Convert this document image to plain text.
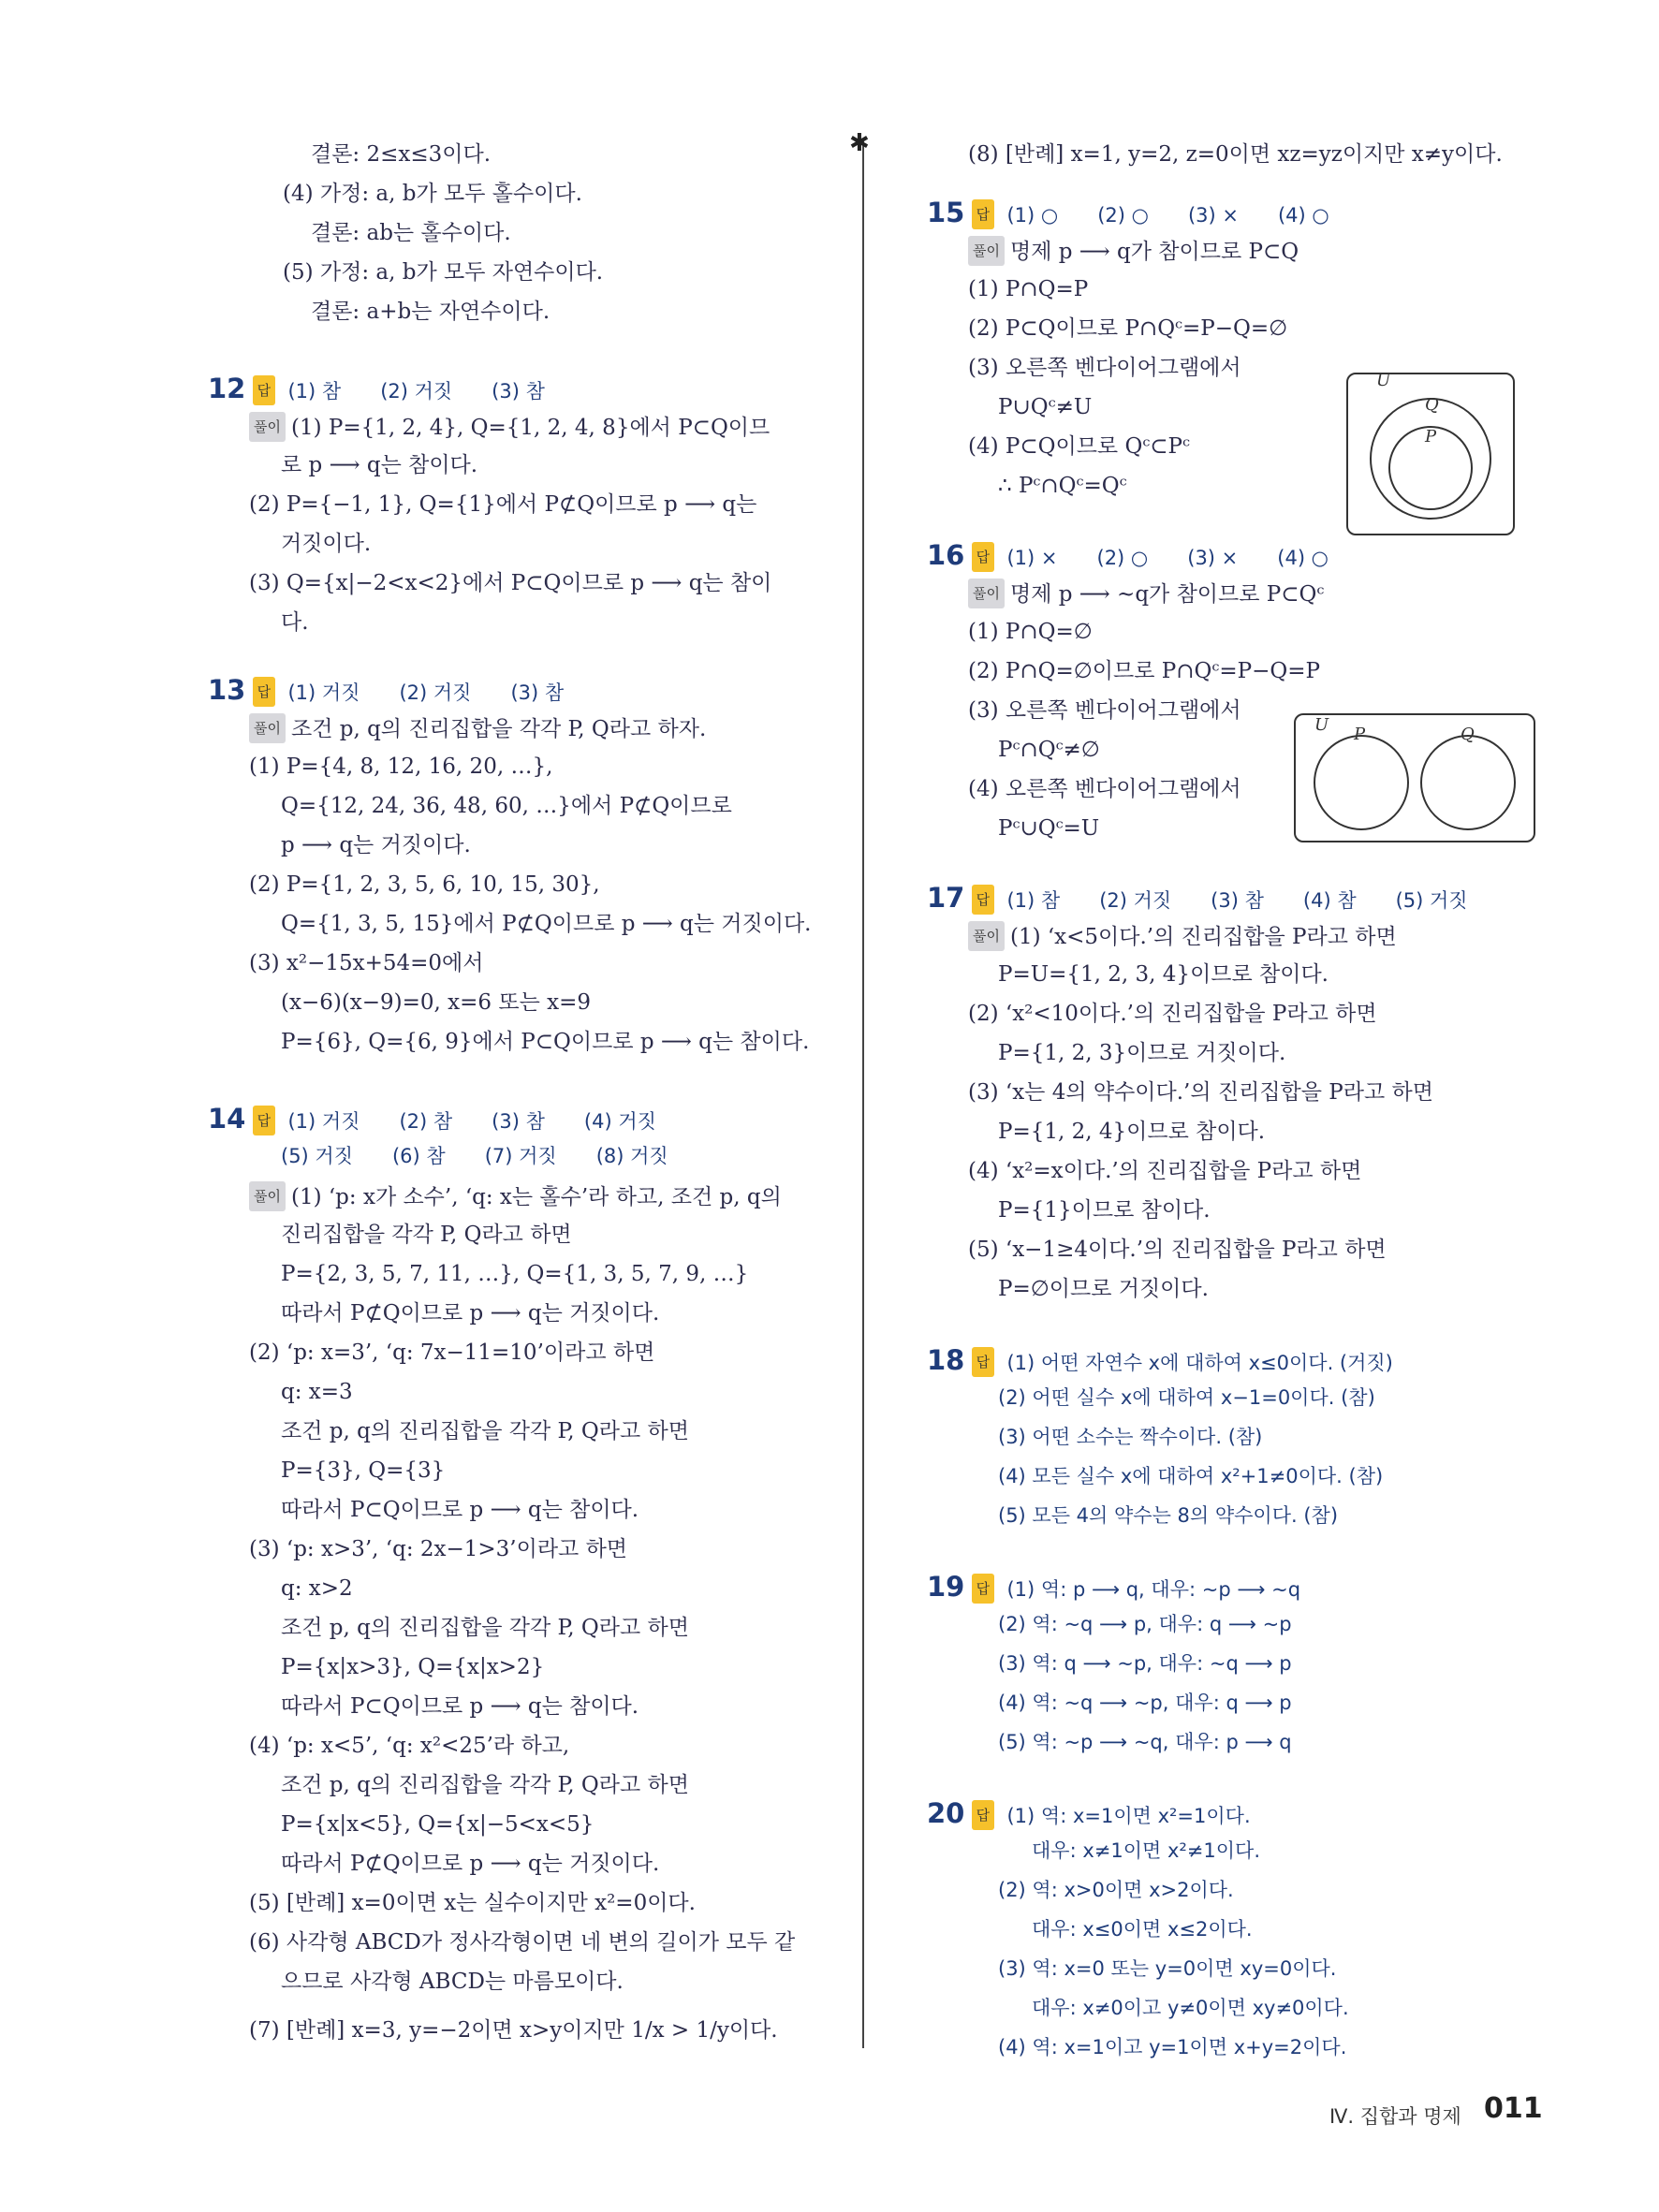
✱
결론: 2≤x≤3이다.
(4) 가정: a, b가 모두 홀수이다.
결론: ab는 홀수이다.
(5) 가정: a, b가 모두 자연수이다.
결론: a+b는 자연수이다.
12 답 (1) 참　　(2) 거짓　　(3) 참
풀이 (1) P={1, 2, 4}, Q={1, 2, 4, 8}에서 P⊂Q이므
로 p ⟶ q는 참이다.
(2) P={−1, 1}, Q={1}에서 P⊄Q이므로 p ⟶ q는
거짓이다.
(3) Q={x|−2<x<2}에서 P⊂Q이므로 p ⟶ q는 참이
다.
13 답 (1) 거짓　　(2) 거짓　　(3) 참
풀이 조건 p, q의 진리집합을 각각 P, Q라고 하자.
(1) P={4, 8, 12, 16, 20, …},
Q={12, 24, 36, 48, 60, …}에서 P⊄Q이므로
p ⟶ q는 거짓이다.
(2) P={1, 2, 3, 5, 6, 10, 15, 30},
Q={1, 3, 5, 15}에서 P⊄Q이므로 p ⟶ q는 거짓이다.
(3) x²−15x+54=0에서
(x−6)(x−9)=0, x=6 또는 x=9
P={6}, Q={6, 9}에서 P⊂Q이므로 p ⟶ q는 참이다.
14 답 (1) 거짓　　(2) 참　　(3) 참　　(4) 거짓
(5) 거짓　　(6) 참　　(7) 거짓　　(8) 거짓
풀이 (1) ‘p: x가 소수’, ‘q: x는 홀수’라 하고, 조건 p, q의
진리집합을 각각 P, Q라고 하면
P={2, 3, 5, 7, 11, …}, Q={1, 3, 5, 7, 9, …}
따라서 P⊄Q이므로 p ⟶ q는 거짓이다.
(2) ‘p: x=3’, ‘q: 7x−11=10’이라고 하면
q: x=3
조건 p, q의 진리집합을 각각 P, Q라고 하면
P={3}, Q={3}
따라서 P⊂Q이므로 p ⟶ q는 참이다.
(3) ‘p: x>3’, ‘q: 2x−1>3’이라고 하면
q: x>2
조건 p, q의 진리집합을 각각 P, Q라고 하면
P={x|x>3}, Q={x|x>2}
따라서 P⊂Q이므로 p ⟶ q는 참이다.
(4) ‘p: x<5’, ‘q: x²<25’라 하고,
조건 p, q의 진리집합을 각각 P, Q라고 하면
P={x|x<5}, Q={x|−5<x<5}
따라서 P⊄Q이므로 p ⟶ q는 거짓이다.
(5) [반례] x=0이면 x는 실수이지만 x²=0이다.
(6) 사각형 ABCD가 정사각형이면 네 변의 길이가 모두 같
으므로 사각형 ABCD는 마름모이다.
(7) [반례] x=3, y=−2이면 x>y이지만 1/x > 1/y이다.
(8) [반례] x=1, y=2, z=0이면 xz=yz이지만 x≠y이다.
15 답 (1) ○　　(2) ○　　(3) ×　　(4) ○
풀이 명제 p ⟶ q가 참이므로 P⊂Q
(1) P∩Q=P
(2) P⊂Q이므로 P∩Qᶜ=P−Q=∅
(3) 오른쪽 벤다이어그램에서
P∪Qᶜ≠U
(4) P⊂Q이므로 Qᶜ⊂Pᶜ
∴ Pᶜ∩Qᶜ=Qᶜ
16 답 (1) ×　　(2) ○　　(3) ×　　(4) ○
풀이 명제 p ⟶ ~q가 참이므로 P⊂Qᶜ
(1) P∩Q=∅
(2) P∩Q=∅이므로 P∩Qᶜ=P−Q=P
(3) 오른쪽 벤다이어그램에서
Pᶜ∩Qᶜ≠∅
(4) 오른쪽 벤다이어그램에서
Pᶜ∪Qᶜ=U
17 답 (1) 참　　(2) 거짓　　(3) 참　　(4) 참　　(5) 거짓
풀이 (1) ‘x<5이다.’의 진리집합을 P라고 하면
P=U={1, 2, 3, 4}이므로 참이다.
(2) ‘x²<10이다.’의 진리집합을 P라고 하면
P={1, 2, 3}이므로 거짓이다.
(3) ‘x는 4의 약수이다.’의 진리집합을 P라고 하면
P={1, 2, 4}이므로 참이다.
(4) ‘x²=x이다.’의 진리집합을 P라고 하면
P={1}이므로 참이다.
(5) ‘x−1≥4이다.’의 진리집합을 P라고 하면
P=∅이므로 거짓이다.
18 답 (1) 어떤 자연수 x에 대하여 x≤0이다. (거짓)
(2) 어떤 실수 x에 대하여 x−1=0이다. (참)
(3) 어떤 소수는 짝수이다. (참)
(4) 모든 실수 x에 대하여 x²+1≠0이다. (참)
(5) 모든 4의 약수는 8의 약수이다. (참)
19 답 (1) 역: p ⟶ q, 대우: ~p ⟶ ~q
(2) 역: ~q ⟶ p, 대우: q ⟶ ~p
(3) 역: q ⟶ ~p, 대우: ~q ⟶ p
(4) 역: ~q ⟶ ~p, 대우: q ⟶ p
(5) 역: ~p ⟶ ~q, 대우: p ⟶ q
20 답 (1) 역: x=1이면 x²=1이다.
대우: x≠1이면 x²≠1이다.
(2) 역: x>0이면 x>2이다.
대우: x≤0이면 x≤2이다.
(3) 역: x=0 또는 y=0이면 xy=0이다.
대우: x≠0이고 y≠0이면 xy≠0이다.
(4) 역: x=1이고 y=1이면 x+y=2이다.
U
Q
P
U P	Q
Ⅳ. 집합과 명제 011
